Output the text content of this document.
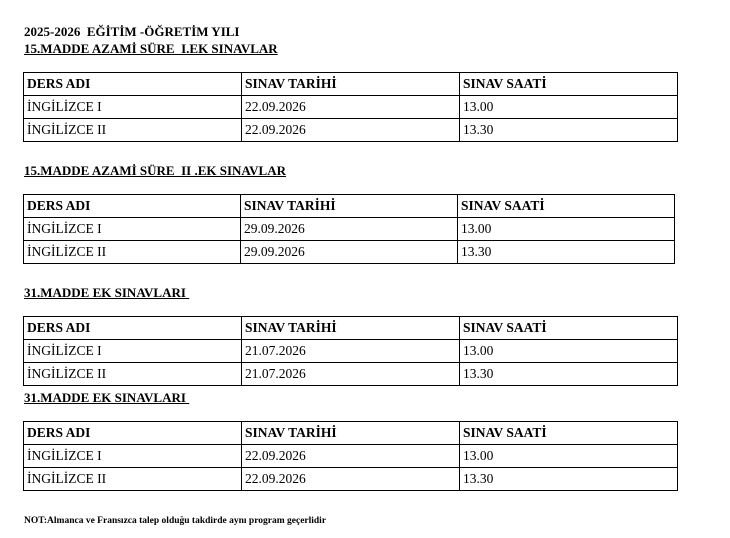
2025-2026  EĞİTİM -ÖĞRETİM YILI
15.MADDE AZAMİ SÜRE  I.EK SINAVLAR
DERS ADI	SINAV TARİHİ	SINAV SAATİ
İNGİLİZCE I	22.09.2026	13.00
İNGİLİZCE II	22.09.2026	13.30
15.MADDE AZAMİ SÜRE  II .EK SINAVLAR
DERS ADI	SINAV TARİHİ	SINAV SAATİ
İNGİLİZCE I	29.09.2026	13.00
İNGİLİZCE II	29.09.2026	13.30
31.MADDE EK SINAVLARI
DERS ADI	SINAV TARİHİ	SINAV SAATİ
İNGİLİZCE I	21.07.2026	13.00
İNGİLİZCE II	21.07.2026	13.30
31.MADDE EK SINAVLARI
DERS ADI	SINAV TARİHİ	SINAV SAATİ
İNGİLİZCE I	22.09.2026	13.00
İNGİLİZCE II	22.09.2026	13.30
NOT:Almanca ve Fransızca talep olduğu takdirde aynı program geçerlidir
